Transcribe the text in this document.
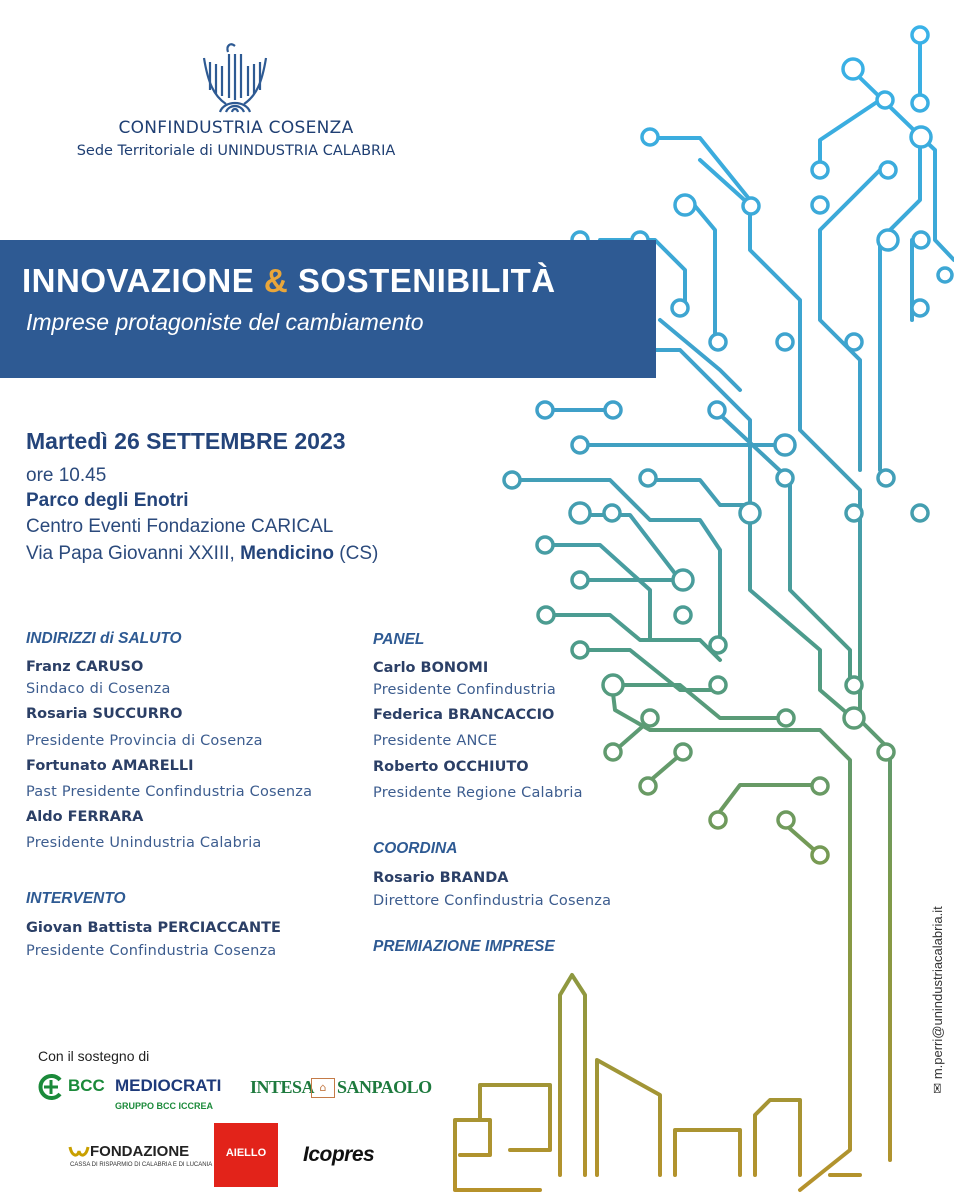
CONFINDUSTRIA COSENZA
Sede Territoriale di UNINDUSTRIA CALABRIA
INNOVAZIONE & SOSTENIBILITÀ
Imprese protagoniste del cambiamento
Martedì 26 SETTEMBRE 2023
ore 10.45
Parco degli Enotri
Centro Eventi Fondazione CARICAL
Via Papa Giovanni XXIII, Mendicino (CS)
INDIRIZZI di SALUTO
Franz CARUSO
Sindaco di Cosenza
Rosaria SUCCURRO
Presidente Provincia di Cosenza
Fortunato AMARELLI
Past Presidente Confindustria Cosenza
Aldo FERRARA
Presidente Unindustria Calabria
INTERVENTO
Giovan Battista PERCIACCANTE
Presidente Confindustria Cosenza
PANEL
Carlo BONOMI
Presidente Confindustria
Federica BRANCACCIO
Presidente ANCE
Roberto OCCHIUTO
Presidente Regione Calabria
COORDINA
Rosario BRANDA
Direttore Confindustria Cosenza
PREMIAZIONE IMPRESE
Con il sostegno di
BCC MEDIOCRATI
GRUPPO BCC ICCREA
INTESA ⌂ SANPAOLO
FONDAZIONE
CASSA DI RISPARMIO DI CALABRIA E DI LUCANIA
AIELLO	Icopres
✉ m.perri@unindustriacalabria.it
